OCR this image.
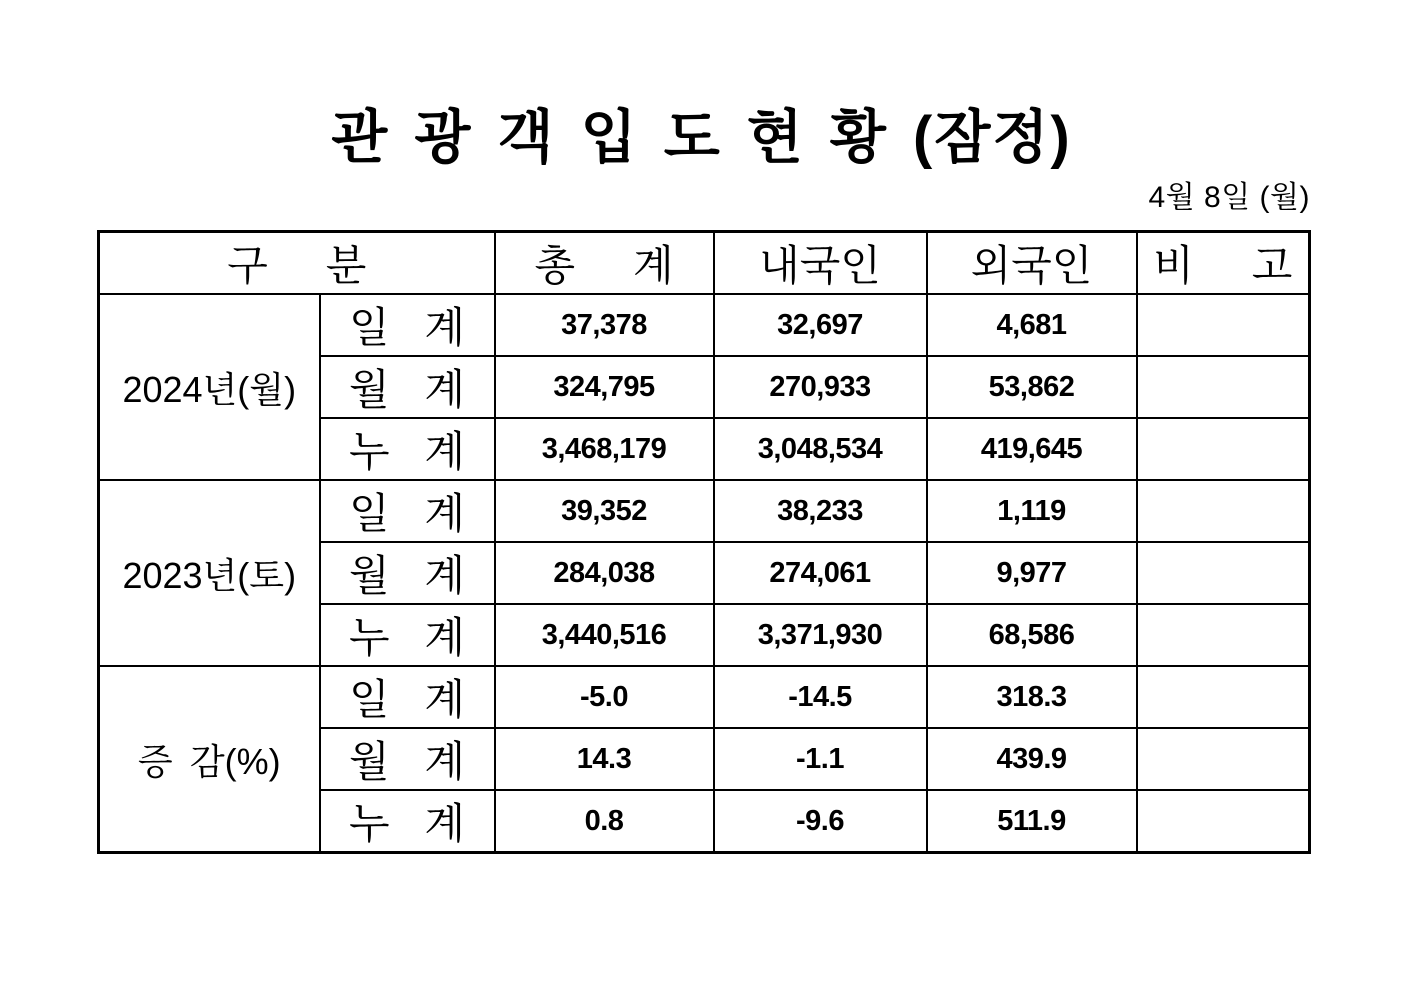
관 광 객 입 도 현 황 (잠정)
4월 8일 (월)
구 분		총 계	내국인	외국인	비 고
2024년(월)	일 계	37,378	32,697	4,681	
	월 계	324,795	270,933	53,862	
	누 계	3,468,179	3,048,534	419,645	
2023년(토)	일 계	39,352	38,233	1,119	
	월 계	284,038	274,061	9,977	
	누 계	3,440,516	3,371,930	68,586	
증 감(%)	일 계	-5.0	-14.5	318.3	
	월 계	14.3	-1.1	439.9	
	누 계	0.8	-9.6	511.9	
